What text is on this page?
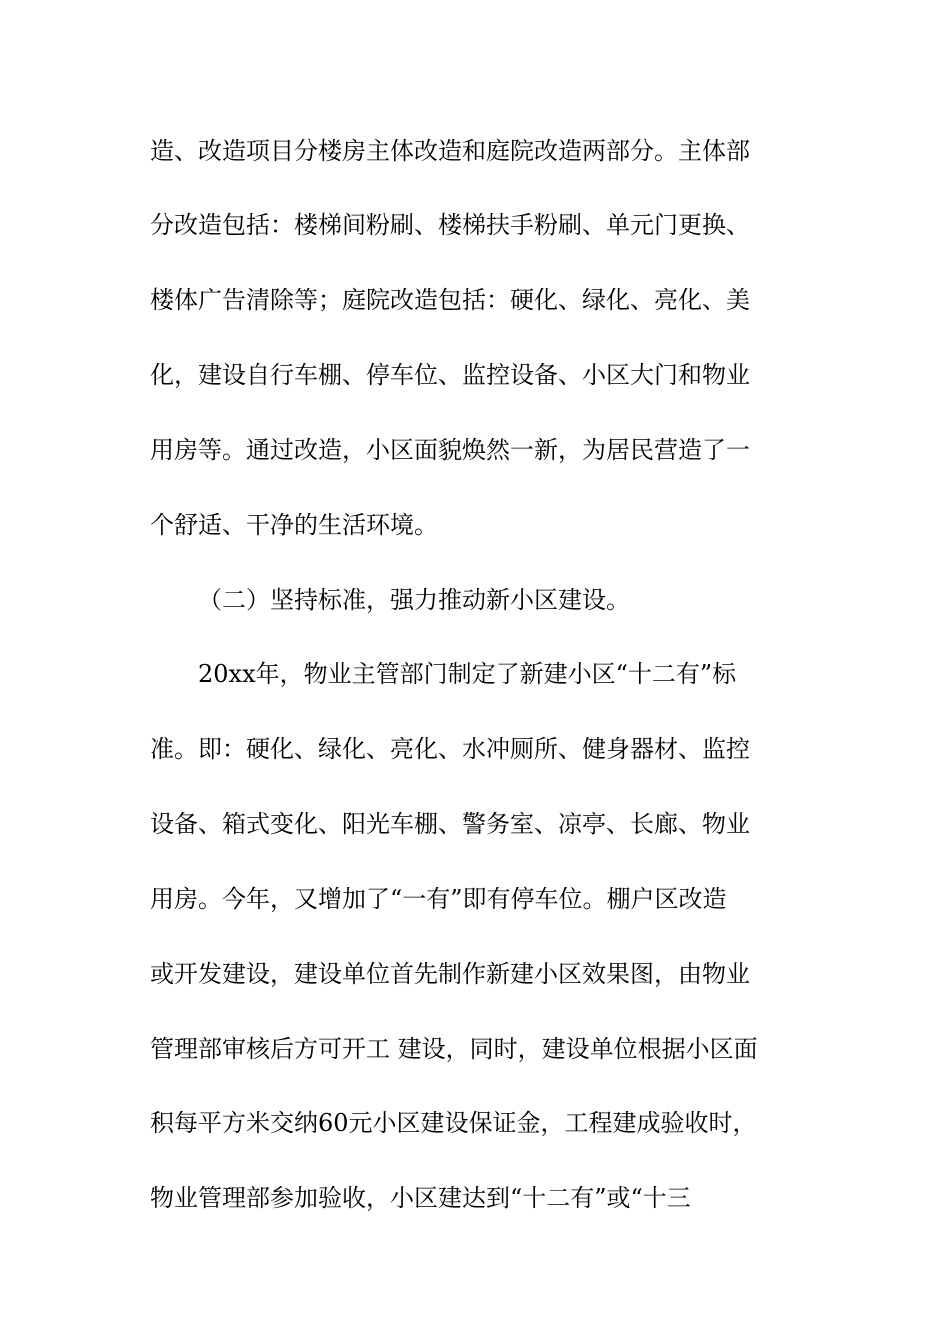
造、改造项目分楼房主体改造和庭院改造两部分。主体部
分改造包括：楼梯间粉刷、楼梯扶手粉刷、单元门更换、
楼体广告清除等；庭院改造包括：硬化、绿化、亮化、美
化，建设自行车棚、停车位、监控设备、小区大门和物业
用房等。通过改造，小区面貌焕然一新，为居民营造了一
个舒适、干净的生活环境。
（二）坚持标准，强力推动新小区建设。
20xx年，物业主管部门制定了新建小区“十二有”标
准。即：硬化、绿化、亮化、水冲厕所、健身器材、监控
设备、箱式变化、阳光车棚、警务室、凉亭、长廊、物业
用房。今年，又增加了“一有”即有停车位。棚户区改造
或开发建设，建设单位首先制作新建小区效果图，由物业
管理部审核后方可开工 建设，同时，建设单位根据小区面
积每平方米交纳60元小区建设保证金，工程建成验收时，
物业管理部参加验收，小区建达到“十二有”或“十三
